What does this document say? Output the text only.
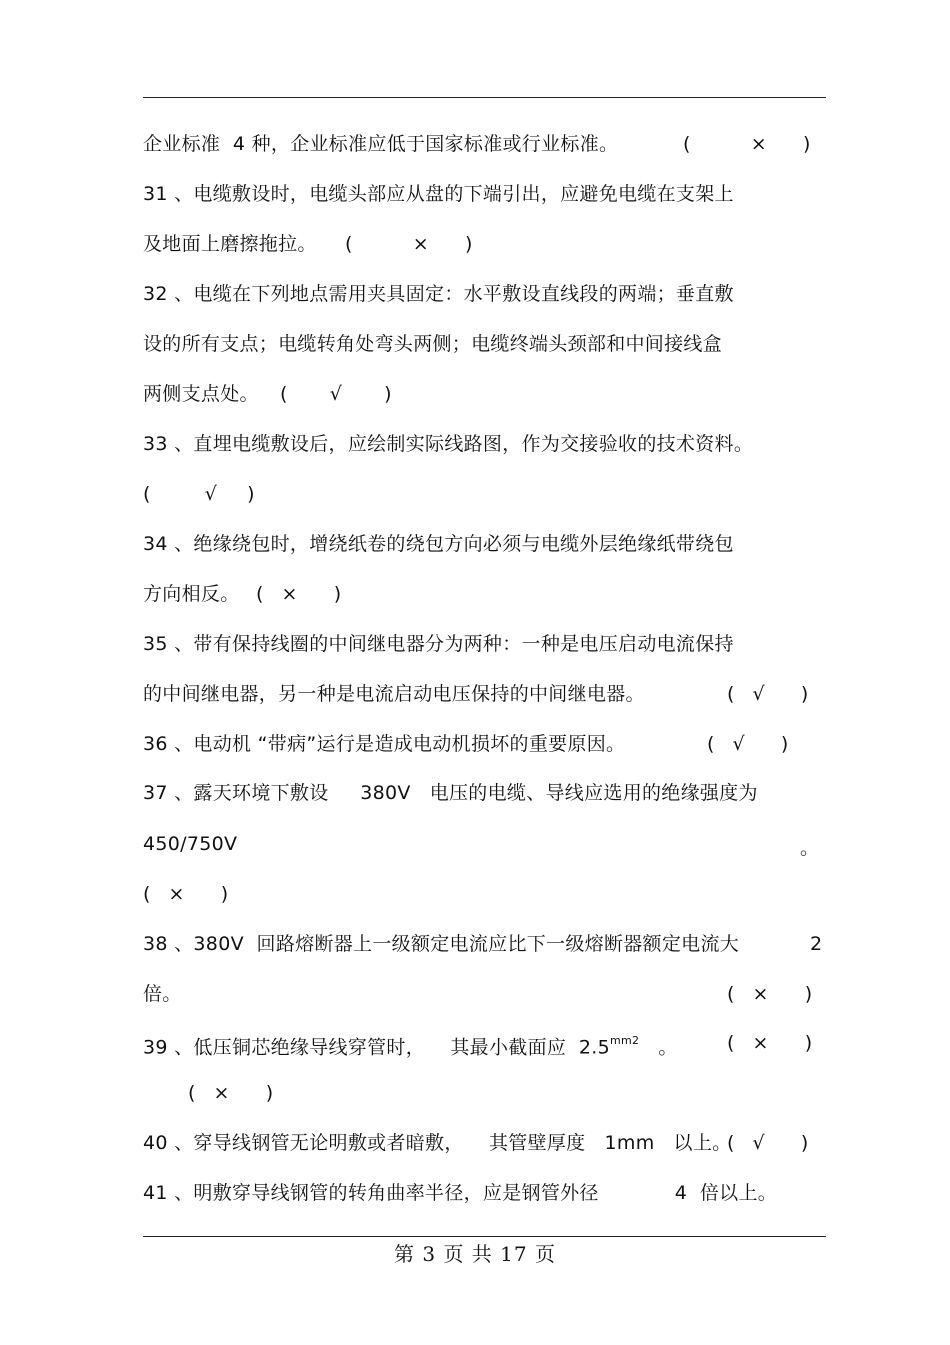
企业标准  4 种，企业标准应低于国家标准或行业标准。	(          ×      )
31 、电缆敷设时，电缆头部应从盘的下端引出，应避免电缆在支架上
及地面上磨擦拖拉。 (          ×      )
32 、电缆在下列地点需用夹具固定：水平敷设直线段的两端；垂直敷
设的所有支点；电缆转角处弯头两侧；电缆终端头颈部和中间接线盒
两侧支点处。 (       √       )
33 、直埋电缆敷设后，应绘制实际线路图，作为交接验收的技术资料。
(         √     )
34 、绝缘绕包时，增绕纸卷的绕包方向必须与电缆外层绝缘纸带绕包
方向相反。 (   ×      )
35 、带有保持线圈的中间继电器分为两种：一种是电压启动电流保持
的中间继电器，另一种是电流启动电压保持的中间继电器。	(   √      )
36 、电动机 “带病”运行是造成电动机损坏的重要原因。	(   √      )
37 、露天环境下敷设     380V   电压的电缆、导线应选用的绝缘强度为
450/750V	。
(   ×      )
38 、380V  回路熔断器上一级额定电流应比下一级熔断器额定电流大	2
倍。	(   ×      )
39 、低压铜芯绝缘导线穿管时，    其最小截面应  $2.5^{mm2}$   。	(   ×      )
(   ×      )
40 、穿导线钢管无论明敷或者暗敷，    其管壁厚度   1mm   以上。
(   √      )
41 、明敷穿导线钢管的转角曲率半径，应是钢管外径            4  倍以上。
第 3 页 共 17 页
